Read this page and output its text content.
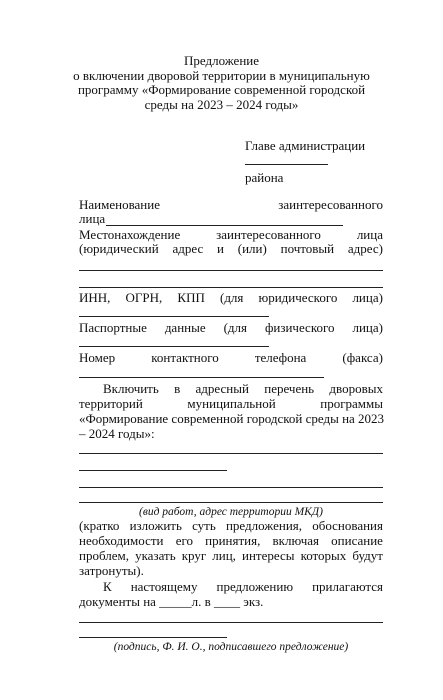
Предложение
о включении дворовой территории в муниципальную
программу «Формирование современной городской
среды на 2023 – 2024 годы»
Главе администрации
района
Наименование	заинтересованного
лица
Местонахождение	заинтересованного	лица
(юридический адрес и (или) почтовый адрес)
ИНН, ОГРН, КПП (для юридического лица)
Паспортные данные (для физического лица)
Номер	контактного	телефона	(факса)
Включить в адресный перечень дворовых
территорий	муниципальной	программы
«Формирование современной городской среды на 2023
– 2024 годы»:
(вид работ, адрес территории МКД)
(кратко изложить суть предложения, обоснования
необходимости его принятия, включая описание
проблем, указать круг лиц, интересы которых будут
затронуты).
К настоящему предложению прилагаются
документы на _____л. в ____ экз.
(подпись, Ф. И. О., подписавшего предложение)
